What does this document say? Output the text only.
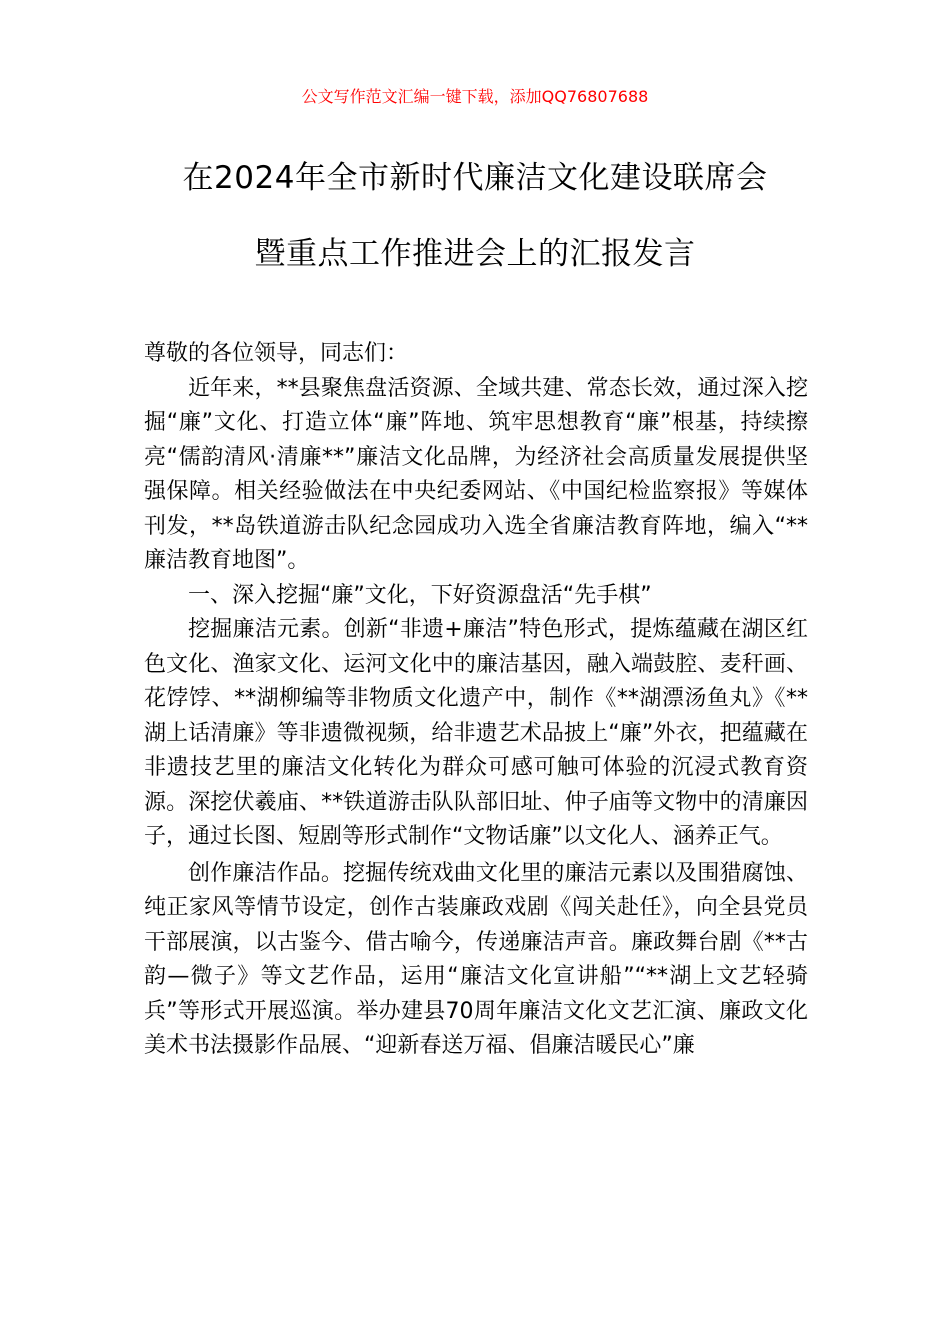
公文写作范文汇编一键下载，添加QQ76807688
在2024年全市新时代廉洁文化建设联席会
暨重点工作推进会上的汇报发言

尊敬的各位领导，同志们：

近年来，**县聚焦盘活资源、全域共建、常态长效，通过深入挖掘“廉”文化、打造立体“廉”阵地、筑牢思想教育“廉”根基，持续擦亮“儒韵清风·清廉**”廉洁文化品牌，为经济社会高质量发展提供坚强保障。相关经验做法在中央纪委网站、《中国纪检监察报》等媒体刊发，**岛铁道游击队纪念园成功入选全省廉洁教育阵地，编入“**廉洁教育地图”。

一、深入挖掘“廉”文化，下好资源盘活“先手棋”

挖掘廉洁元素。创新“非遗+廉洁”特色形式，提炼蕴藏在湖区红色文化、渔家文化、运河文化中的廉洁基因，融入端鼓腔、麦秆画、花饽饽、**湖柳编等非物质文化遗产中，制作《**湖漂汤鱼丸》《**湖上话清廉》等非遗微视频，给非遗艺术品披上“廉”外衣，把蕴藏在非遗技艺里的廉洁文化转化为群众可感可触可体验的沉浸式教育资源。深挖伏羲庙、**铁道游击队队部旧址、仲子庙等文物中的清廉因子，通过长图、短剧等形式制作“文物话廉”以文化人、涵养正气。

创作廉洁作品。挖掘传统戏曲文化里的廉洁元素以及围猎腐蚀、纯正家风等情节设定，创作古装廉政戏剧《闯关赴任》，向全县党员干部展演，以古鉴今、借古喻今，传递廉洁声音。廉政舞台剧《**古韵—微子》等文艺作品，运用“廉洁文化宣讲船”“**湖上文艺轻骑兵”等形式开展巡演。举办建县70周年廉洁文化文艺汇演、廉政文化美术书法摄影作品展、“迎新春送万福、倡廉洁暖民心”廉
